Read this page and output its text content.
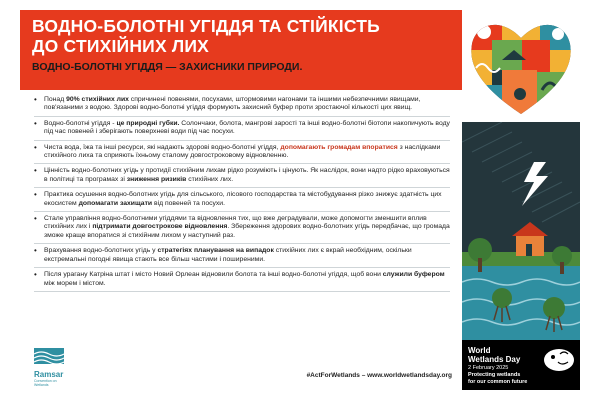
ВОДНО-БОЛОТНІ УГІДДЯ ТА СТІЙКІСТЬ
ДО СТИХІЙНИХ ЛИХ
ВОДНО-БОЛОТНІ УГІДДЯ — ЗАХИСНИКИ ПРИРОДИ.
• Понад 90% стихійних лих спричинені повенями, посухами, штормовими нагонами та іншими небезпечними явищами, пов'язаними з водою. Здорові водно-болотні угіддя формують захисний буфер проти зростаючої кількості цих явищ.
• Водно-болотні угіддя - це природні губки. Солончаки, болота, мангрові зарості та інші водно-болотні біотопи накопичують воду під час повеней і зберігають поверхневі води під час посухи.
• Чиста вода, їжа та інші ресурси, які надають здорові водно-болотні угіддя, допомагають громадам впоратися з наслідками стихійного лиха та сприяють їхньому сталому довгостроковому відновленню.
• Цінність водно-болотних угідь у протидії стихійним лихам рідко розуміють і цінують. Як наслідок, вони надто рідко враховуються в політиці та програмах зі зниження ризиків стихійних лих.
• Практика осушення водно-болотних угідь для сільського, лісового господарства та містобудування різко знижує здатність цих екосистем допомагати захищати від повеней та посухи.
• Стале управління водно-болотними угіддями та відновлення тих, що вже деградували, може допомогти зменшити вплив стихійних лих і підтримати довгострокове відновлення. Збереження здорових водно-болотних угідь передбачає, що громада зможе краще впоратися зі стихійним лихом у наступний раз.
• Врахування водно-болотних угідь у стратегіях планування на випадок стихійних лих є вкрай необхідним, оскільки екстремальні погодні явища стають все більш частими і поширеними.
• Після урагану Катріна штат і місто Новий Орлеан відновили болота та інші водно-болотні угіддя, щоб вони служили буфером між морем і містом.
Ramsar
Convention on Wetlands
#ActForWetlands – www.worldwetlandsday.org
World
Wetlands Day
2 February 2025
Protecting wetlands
for our common future
